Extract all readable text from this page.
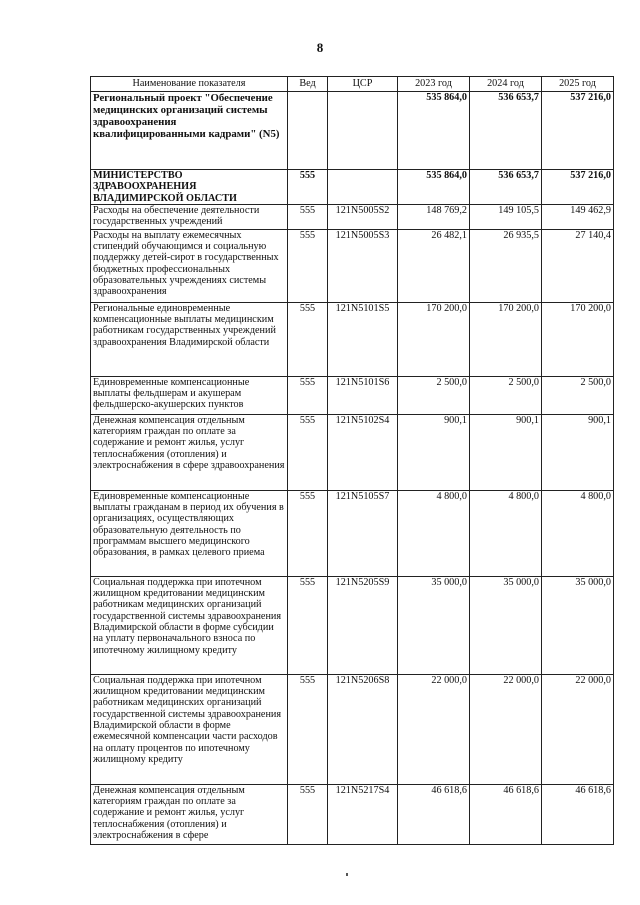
8
Наименование показателя	Вед	ЦСР	2023 год	2024 год	2025 год
Региональный проект "Обеспечение медицинских организаций системы здравоохранения квалифицированными кадрами" (N5)			535 864,0	536 653,7	537 216,0
МИНИСТЕРСТВО ЗДРАВООХРАНЕНИЯ ВЛАДИМИРСКОЙ ОБЛАСТИ	555		535 864,0	536 653,7	537 216,0
Расходы на обеспечение деятельности государственных учреждений	555	121N5005S2	148 769,2	149 105,5	149 462,9
Расходы на выплату ежемесячных стипендий обучающимся и социальную поддержку детей-сирот в государственных бюджетных профессиональных образовательных учреждениях системы здравоохранения	555	121N5005S3	26 482,1	26 935,5	27 140,4
Региональные единовременные компенсационные выплаты медицинским работникам государственных учреждений здравоохранения Владимирской области	555	121N5101S5	170 200,0	170 200,0	170 200,0
Единовременные компенсационные выплаты фельдшерам и акушерам фельдшерско-акушерских пунктов	555	121N5101S6	2 500,0	2 500,0	2 500,0
Денежная компенсация отдельным категориям граждан по оплате за содержание и ремонт жилья, услуг теплоснабжения (отопления) и электроснабжения в сфере здравоохранения	555	121N5102S4	900,1	900,1	900,1
Единовременные компенсационные выплаты гражданам в период их обучения в организациях, осуществляющих образовательную деятельность по программам высшего медицинского образования, в рамках целевого приема	555	121N5105S7	4 800,0	4 800,0	4 800,0
Социальная поддержка при ипотечном жилищном кредитовании медицинским работникам медицинских организаций государственной системы здравоохранения Владимирской области в форме субсидии на уплату первоначального взноса по ипотечному жилищному кредиту	555	121N5205S9	35 000,0	35 000,0	35 000,0
Социальная поддержка при ипотечном жилищном кредитовании медицинским работникам медицинских организаций государственной системы здравоохранения Владимирской области в форме ежемесячной компенсации части расходов на оплату процентов по ипотечному жилищному кредиту	555	121N5206S8	22 000,0	22 000,0	22 000,0
Денежная компенсация отдельным категориям граждан по оплате за содержание и ремонт жилья, услуг теплоснабжения (отопления) и электроснабжения в сфере	555	121N5217S4	46 618,6	46 618,6	46 618,6
